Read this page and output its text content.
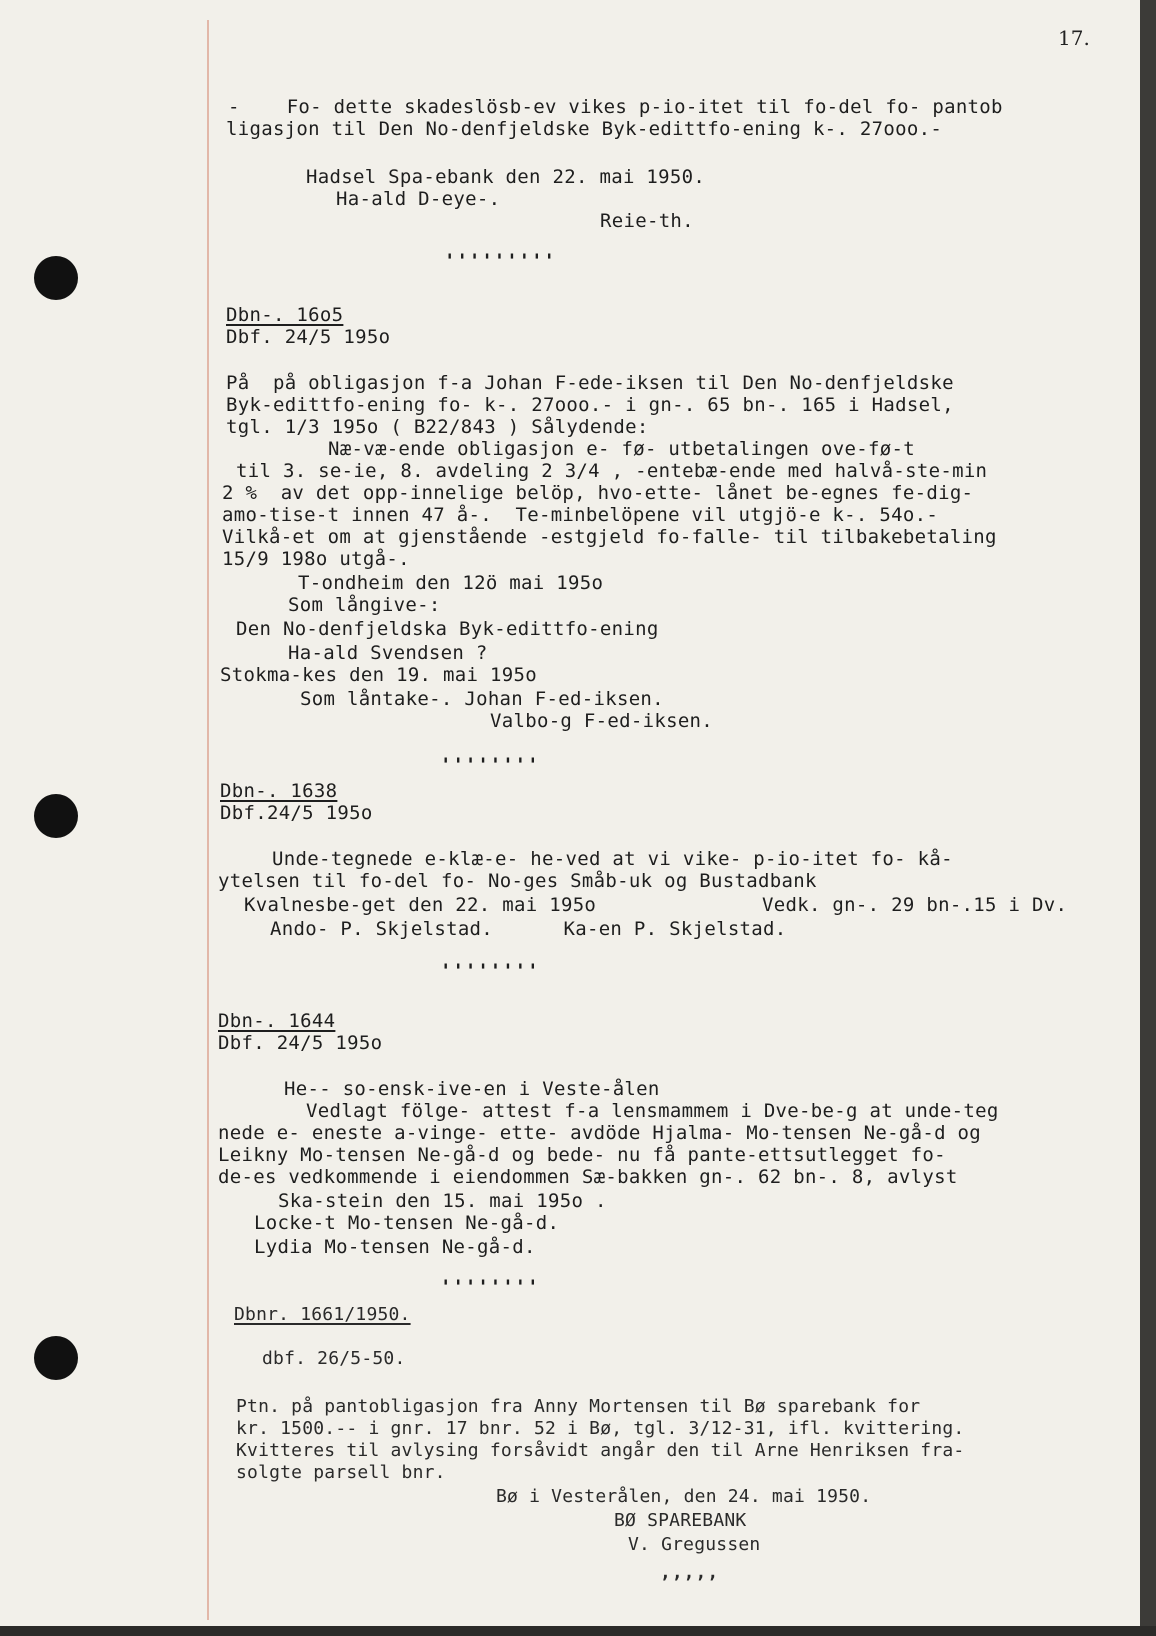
17.
-    Fo- dette skadeslösb-ev vikes p-io-itet til fo-del fo- pantob
ligasjon til Den No-denfjeldske Byk-edittfo-ening k-. 27ooo.-
Hadsel Spa-ebank den 22. mai 1950.
Ha-ald D-eye-.
Reie-th.
'''''''''
Dbn-. 16o5
Dbf. 24/5 195o
På  på obligasjon f-a Johan F-ede-iksen til Den No-denfjeldske
Byk-edittfo-ening fo- k-. 27ooo.- i gn-. 65 bn-. 165 i Hadsel,
tgl. 1/3 195o ( B22/843 ) Sålydende:
Næ-væ-ende obligasjon e- fø- utbetalingen ove-fø-t
til 3. se-ie, 8. avdeling 2 3/4 , -entebæ-ende med halvå-ste-min
2 %  av det opp-innelige belöp, hvo-ette- lånet be-egnes fe-dig-
amo-tise-t innen 47 å-.  Te-minbelöpene vil utgjö-e k-. 54o.-
Vilkå-et om at gjenstående -estgjeld fo-falle- til tilbakebetaling
15/9 198o utgå-.
T-ondheim den 12ö mai 195o
Som långive-:
Den No-denfjeldska Byk-edittfo-ening
Ha-ald Svendsen ?
Stokma-kes den 19. mai 195o
Som låntake-. Johan F-ed-iksen.
Valbo-g F-ed-iksen.
''''''''
Dbn-. 1638
Dbf.24/5 195o
Unde-tegnede e-klæ-e- he-ved at vi vike- p-io-itet fo- kå-
ytelsen til fo-del fo- No-ges Småb-uk og Bustadbank
Kvalnesbe-get den 22. mai 195o	Vedk. gn-. 29 bn-.15 i Dv.
Ando- P. Skjelstad.      Ka-en P. Skjelstad.
''''''''
Dbn-. 1644
Dbf. 24/5 195o
He-- so-ensk-ive-en i Veste-ålen
Vedlagt fölge- attest f-a lensmammem i Dve-be-g at unde-teg
nede e- eneste a-vinge- ette- avdöde Hjalma- Mo-tensen Ne-gå-d og
Leikny Mo-tensen Ne-gå-d og bede- nu få pante-ettsutlegget fo-
de-es vedkommende i eiendommen Sæ-bakken gn-. 62 bn-. 8, avlyst
Ska-stein den 15. mai 195o .
Locke-t Mo-tensen Ne-gå-d.
Lydia Mo-tensen Ne-gå-d.
''''''''
Dbnr. 1661/1950.
dbf. 26/5-50.
Ptn. på pantobligasjon fra Anny Mortensen til Bø sparebank for
kr. 1500.-- i gnr. 17 bnr. 52 i Bø, tgl. 3/12-31, ifl. kvittering.
Kvitteres til avlysing forsåvidt angår den til Arne Henriksen fra-
solgte parsell bnr.
Bø i Vesterålen, den 24. mai 1950.
BØ SPAREBANK
V. Gregussen
,,,,,
